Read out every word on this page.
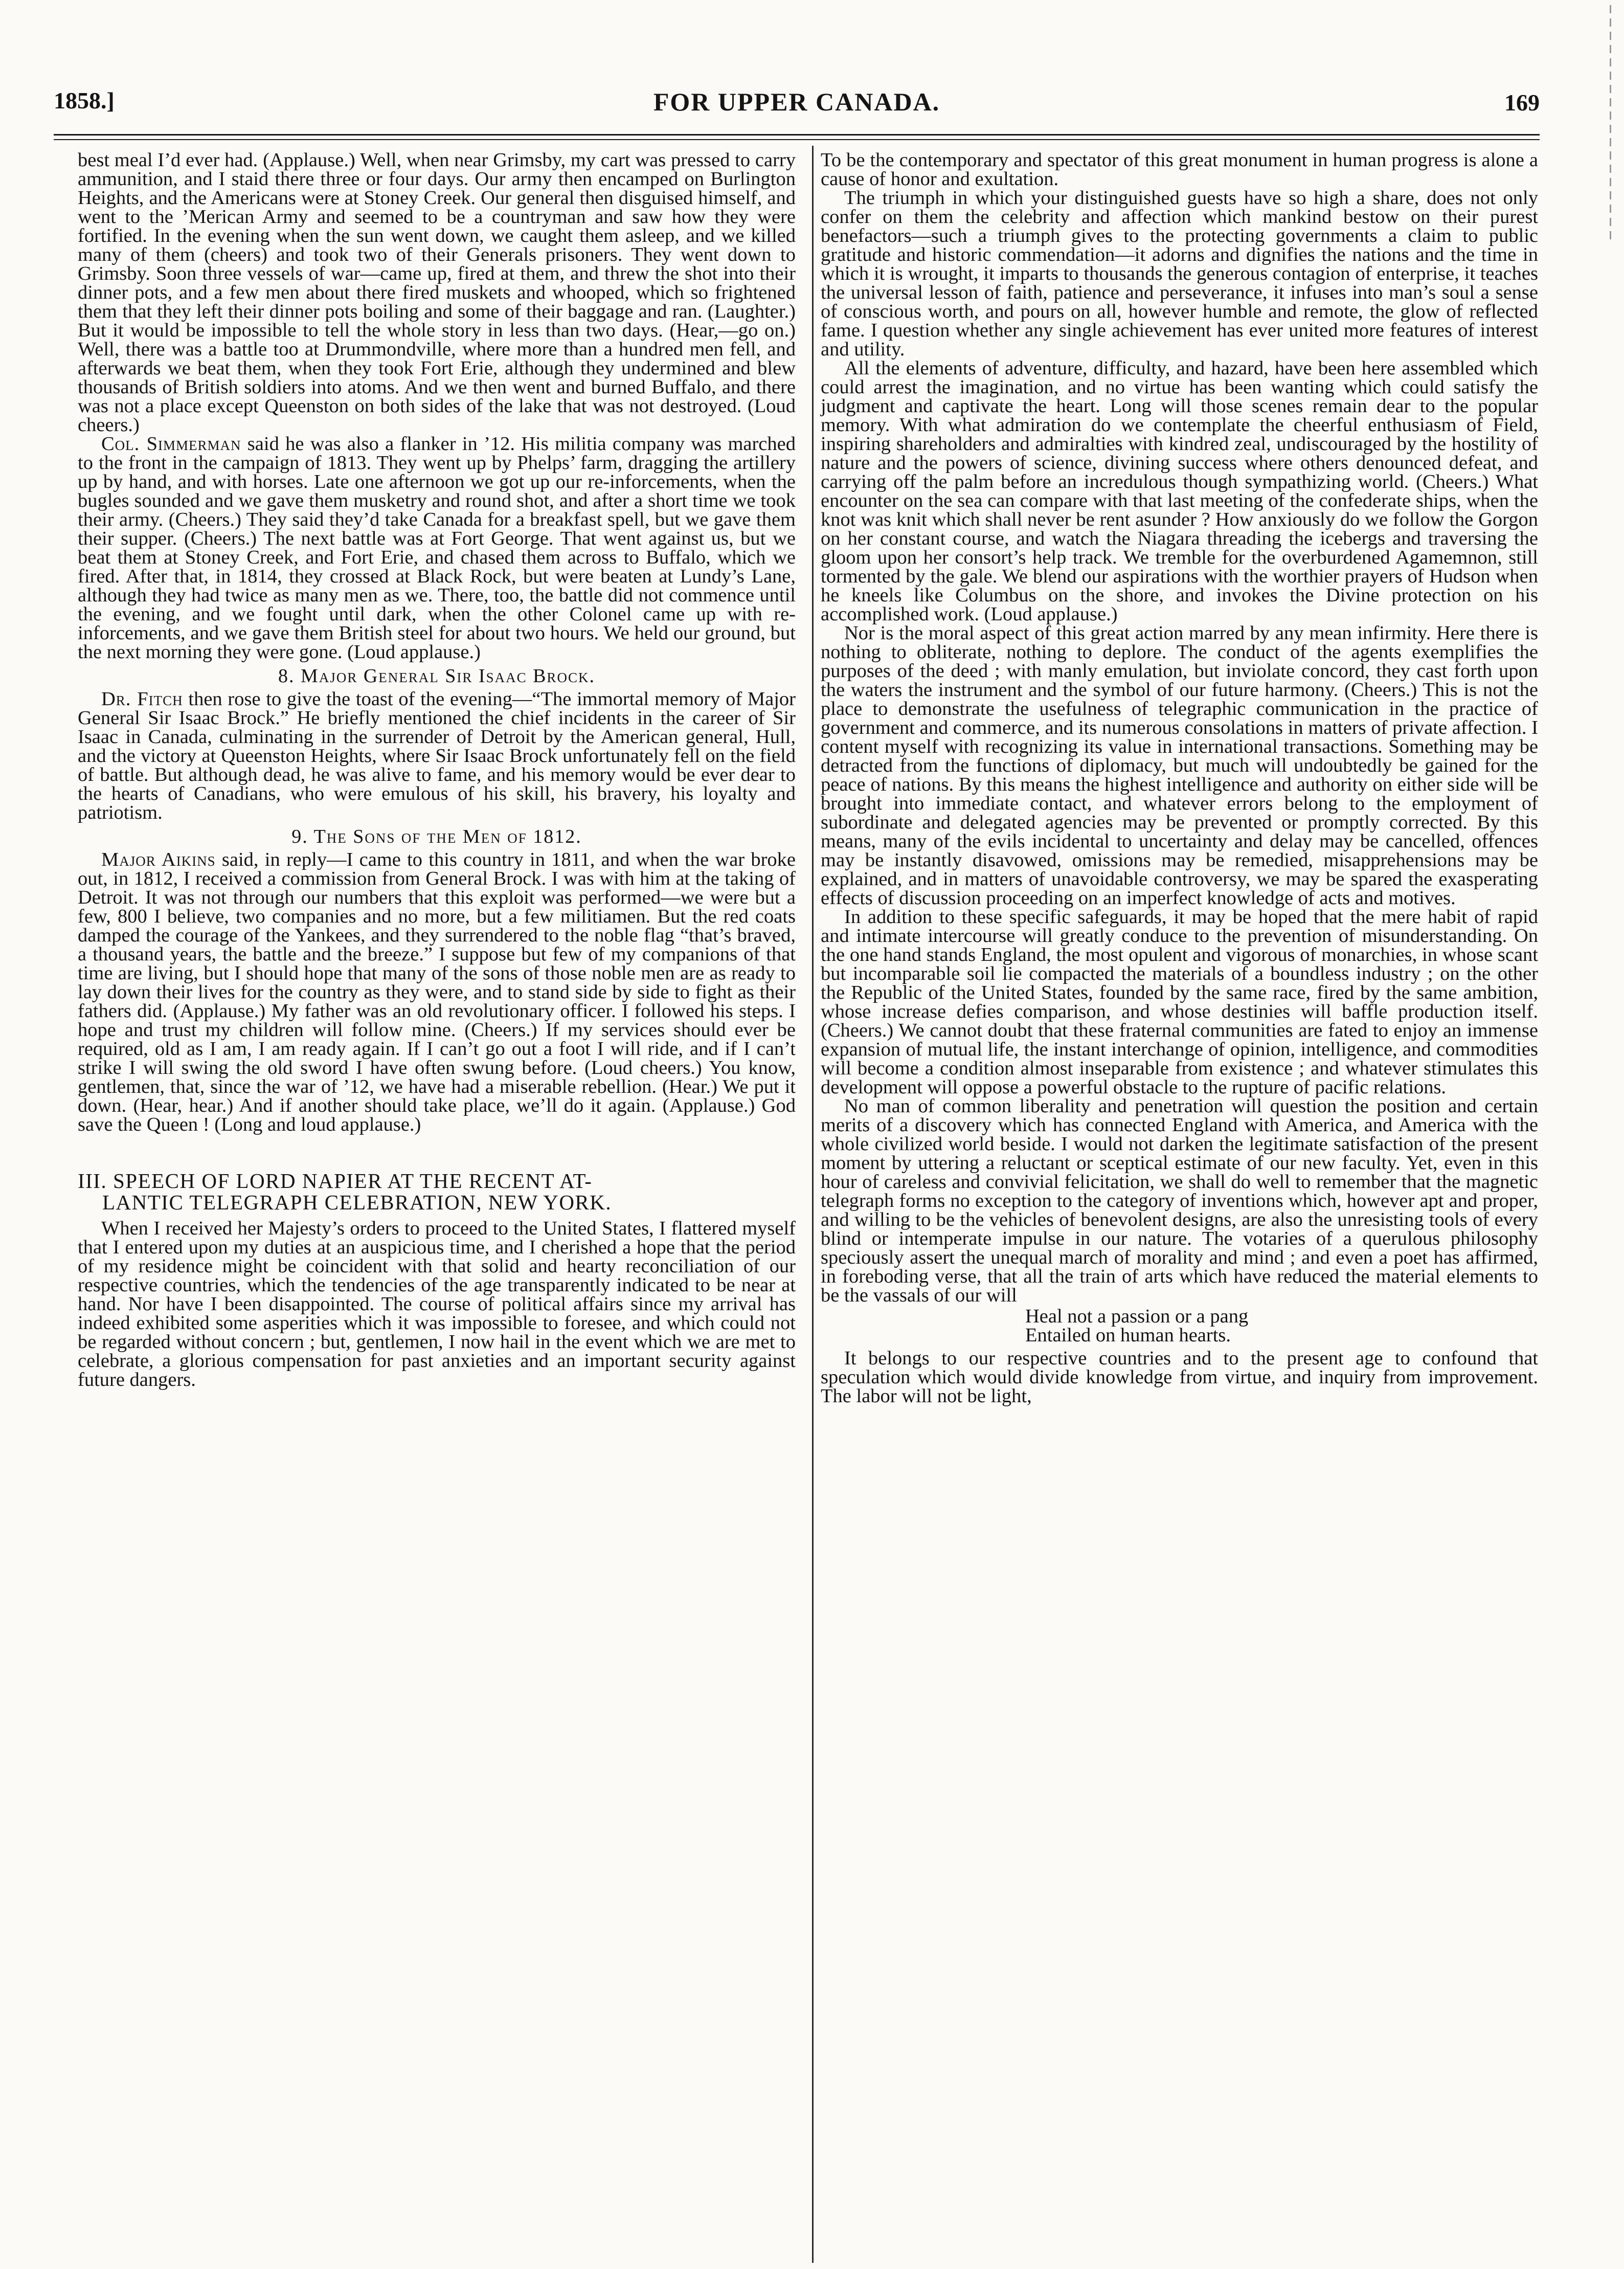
1858.]	FOR UPPER CANADA.	169

best meal I’d ever had. (Applause.) Well, when near Grimsby, my cart was pressed to carry ammunition, and I staid there three or four days. Our army then encamped on Burlington Heights, and the Americans were at Stoney Creek. Our general then disguised himself, and went to the ’Merican Army and seemed to be a countryman and saw how they were fortified. In the evening when the sun went down, we caught them asleep, and we killed many of them (cheers) and took two of their Generals prisoners. They went down to Grimsby. Soon three vessels of war—came up, fired at them, and threw the shot into their dinner pots, and a few men about there fired muskets and whooped, which so frightened them that they left their dinner pots boiling and some of their baggage and ran. (Laughter.) But it would be impossible to tell the whole story in less than two days. (Hear,—go on.) Well, there was a battle too at Drummondville, where more than a hundred men fell, and afterwards we beat them, when they took Fort Erie, although they undermined and blew thousands of British soldiers into atoms. And we then went and burned Buffalo, and there was not a place except Queenston on both sides of the lake that was not destroyed. (Loud cheers.)

Col. Simmerman said he was also a flanker in ’12. His militia company was marched to the front in the campaign of 1813. They went up by Phelps’ farm, dragging the artillery up by hand, and with horses. Late one afternoon we got up our re-inforcements, when the bugles sounded and we gave them musketry and round shot, and after a short time we took their army. (Cheers.) They said they’d take Canada for a breakfast spell, but we gave them their supper. (Cheers.) The next battle was at Fort George. That went against us, but we beat them at Stoney Creek, and Fort Erie, and chased them across to Buffalo, which we fired. After that, in 1814, they crossed at Black Rock, but were beaten at Lundy’s Lane, although they had twice as many men as we. There, too, the battle did not commence until the evening, and we fought until dark, when the other Colonel came up with re-inforcements, and we gave them British steel for about two hours. We held our ground, but the next morning they were gone. (Loud applause.)

8. Major General Sir Isaac Brock.

Dr. Fitch then rose to give the toast of the evening—“The immortal memory of Major General Sir Isaac Brock.” He briefly mentioned the chief incidents in the career of Sir Isaac in Canada, culminating in the surrender of Detroit by the American general, Hull, and the victory at Queenston Heights, where Sir Isaac Brock unfortunately fell on the field of battle. But although dead, he was alive to fame, and his memory would be ever dear to the hearts of Canadians, who were emulous of his skill, his bravery, his loyalty and patriotism.

9. The Sons of the Men of 1812.

Major Aikins said, in reply—I came to this country in 1811, and when the war broke out, in 1812, I received a commission from General Brock. I was with him at the taking of Detroit. It was not through our numbers that this exploit was performed—we were but a few, 800 I believe, two companies and no more, but a few militiamen. But the red coats damped the courage of the Yankees, and they surrendered to the noble flag “that’s braved, a thousand years, the battle and the breeze.” I suppose but few of my companions of that time are living, but I should hope that many of the sons of those noble men are as ready to lay down their lives for the country as they were, and to stand side by side to fight as their fathers did. (Applause.) My father was an old revolutionary officer. I followed his steps. I hope and trust my children will follow mine. (Cheers.) If my services should ever be required, old as I am, I am ready again. If I can’t go out a foot I will ride, and if I can’t strike I will swing the old sword I have often swung before. (Loud cheers.) You know, gentlemen, that, since the war of ’12, we have had a miserable rebellion. (Hear.) We put it down. (Hear, hear.) And if another should take place, we’ll do it again. (Applause.) God save the Queen ! (Long and loud applause.)

III. SPEECH OF LORD NAPIER AT THE RECENT AT-
LANTIC TELEGRAPH CELEBRATION, NEW YORK.

When I received her Majesty’s orders to proceed to the United States, I flattered myself that I entered upon my duties at an auspicious time, and I cherished a hope that the period of my residence might be coincident with that solid and hearty reconciliation of our respective countries, which the tendencies of the age transparently indicated to be near at hand. Nor have I been disappointed. The course of political affairs since my arrival has indeed exhibited some asperities which it was impossible to foresee, and which could not be regarded without concern ; but, gentlemen, I now hail in the event which we are met to celebrate, a glorious compensation for past anxieties and an important security against future dangers.

To be the contemporary and spectator of this great monument in human progress is alone a cause of honor and exultation.

The triumph in which your distinguished guests have so high a share, does not only confer on them the celebrity and affection which mankind bestow on their purest benefactors—such a triumph gives to the protecting governments a claim to public gratitude and historic commendation—it adorns and dignifies the nations and the time in which it is wrought, it imparts to thousands the generous contagion of enterprise, it teaches the universal lesson of faith, patience and perseverance, it infuses into man’s soul a sense of conscious worth, and pours on all, however humble and remote, the glow of reflected fame. I question whether any single achievement has ever united more features of interest and utility.

All the elements of adventure, difficulty, and hazard, have been here assembled which could arrest the imagination, and no virtue has been wanting which could satisfy the judgment and captivate the heart. Long will those scenes remain dear to the popular memory. With what admiration do we contemplate the cheerful enthusiasm of Field, inspiring shareholders and admiralties with kindred zeal, undiscouraged by the hostility of nature and the powers of science, divining success where others denounced defeat, and carrying off the palm before an incredulous though sympathizing world. (Cheers.) What encounter on the sea can compare with that last meeting of the confederate ships, when the knot was knit which shall never be rent asunder ? How anxiously do we follow the Gorgon on her constant course, and watch the Niagara threading the icebergs and traversing the gloom upon her consort’s help track. We tremble for the overburdened Agamemnon, still tormented by the gale. We blend our aspirations with the worthier prayers of Hudson when he kneels like Columbus on the shore, and invokes the Divine protection on his accomplished work. (Loud applause.)

Nor is the moral aspect of this great action marred by any mean infirmity. Here there is nothing to obliterate, nothing to deplore. The conduct of the agents exemplifies the purposes of the deed ; with manly emulation, but inviolate concord, they cast forth upon the waters the instrument and the symbol of our future harmony. (Cheers.) This is not the place to demonstrate the usefulness of telegraphic communication in the practice of government and commerce, and its numerous consolations in matters of private affection. I content myself with recognizing its value in international transactions. Something may be detracted from the functions of diplomacy, but much will undoubtedly be gained for the peace of nations. By this means the highest intelligence and authority on either side will be brought into immediate contact, and whatever errors belong to the employment of subordinate and delegated agencies may be prevented or promptly corrected. By this means, many of the evils incidental to uncertainty and delay may be cancelled, offences may be instantly disavowed, omissions may be remedied, misapprehensions may be explained, and in matters of unavoidable controversy, we may be spared the exasperating effects of discussion proceeding on an imperfect knowledge of acts and motives.

In addition to these specific safeguards, it may be hoped that the mere habit of rapid and intimate intercourse will greatly conduce to the prevention of misunderstanding. On the one hand stands England, the most opulent and vigorous of monarchies, in whose scant but incomparable soil lie compacted the materials of a boundless industry ; on the other the Republic of the United States, founded by the same race, fired by the same ambition, whose increase defies comparison, and whose destinies will baffle production itself. (Cheers.) We cannot doubt that these fraternal communities are fated to enjoy an immense expansion of mutual life, the instant interchange of opinion, intelligence, and commodities will become a condition almost inseparable from existence ; and whatever stimulates this development will oppose a powerful obstacle to the rupture of pacific relations.

No man of common liberality and penetration will question the position and certain merits of a discovery which has connected England with America, and America with the whole civilized world beside. I would not darken the legitimate satisfaction of the present moment by uttering a reluctant or sceptical estimate of our new faculty. Yet, even in this hour of careless and convivial felicitation, we shall do well to remember that the magnetic telegraph forms no exception to the category of inventions which, however apt and proper, and willing to be the vehicles of benevolent designs, are also the unresisting tools of every blind or intemperate impulse in our nature. The votaries of a querulous philosophy speciously assert the unequal march of morality and mind ; and even a poet has affirmed, in foreboding verse, that all the train of arts which have reduced the material elements to be the vassals of our will

Heal not a passion or a pang
Entailed on human hearts.

It belongs to our respective countries and to the present age to confound that speculation which would divide knowledge from virtue, and inquiry from improvement. The labor will not be light,
